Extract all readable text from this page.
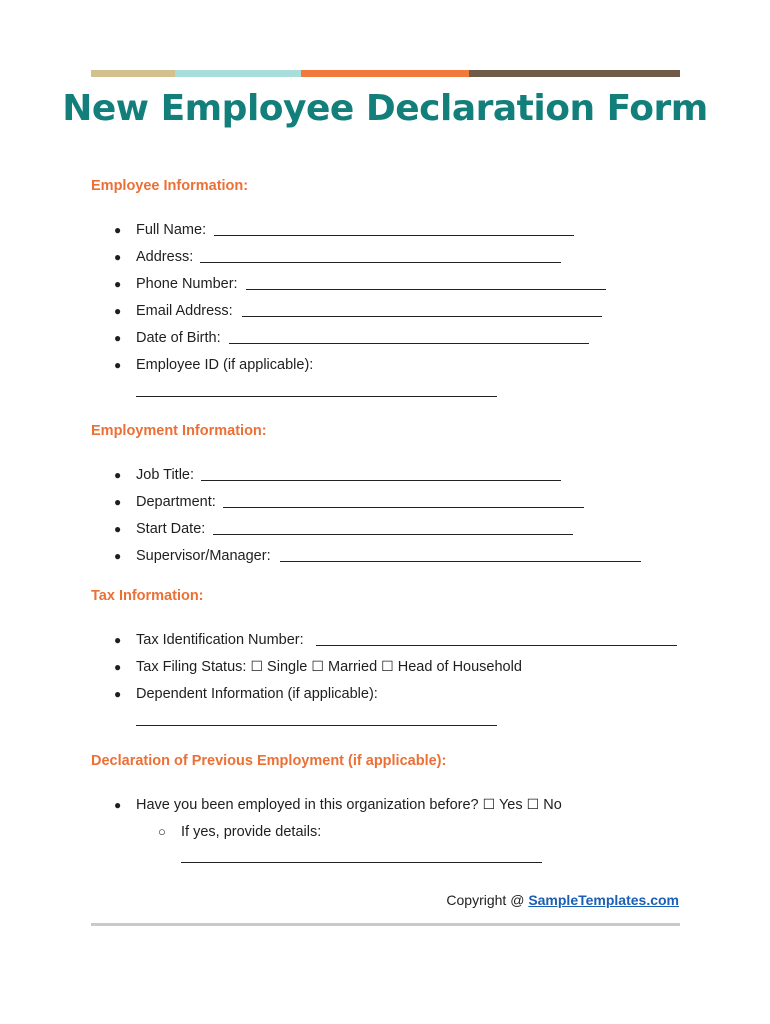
New Employee Declaration Form
Employee Information:
● Full Name:
● Address:
● Phone Number:
● Email Address:
● Date of Birth:
● Employee ID (if applicable):
Employment Information:
● Job Title:
● Department:
● Start Date:
● Supervisor/Manager:
Tax Information:
● Tax Identification Number:
● Tax Filing Status: ☐ Single ☐ Married ☐ Head of Household
● Dependent Information (if applicable):
Declaration of Previous Employment (if applicable):
● Have you been employed in this organization before? ☐ Yes ☐ No
○ If yes, provide details:
Copyright @ SampleTemplates.com
